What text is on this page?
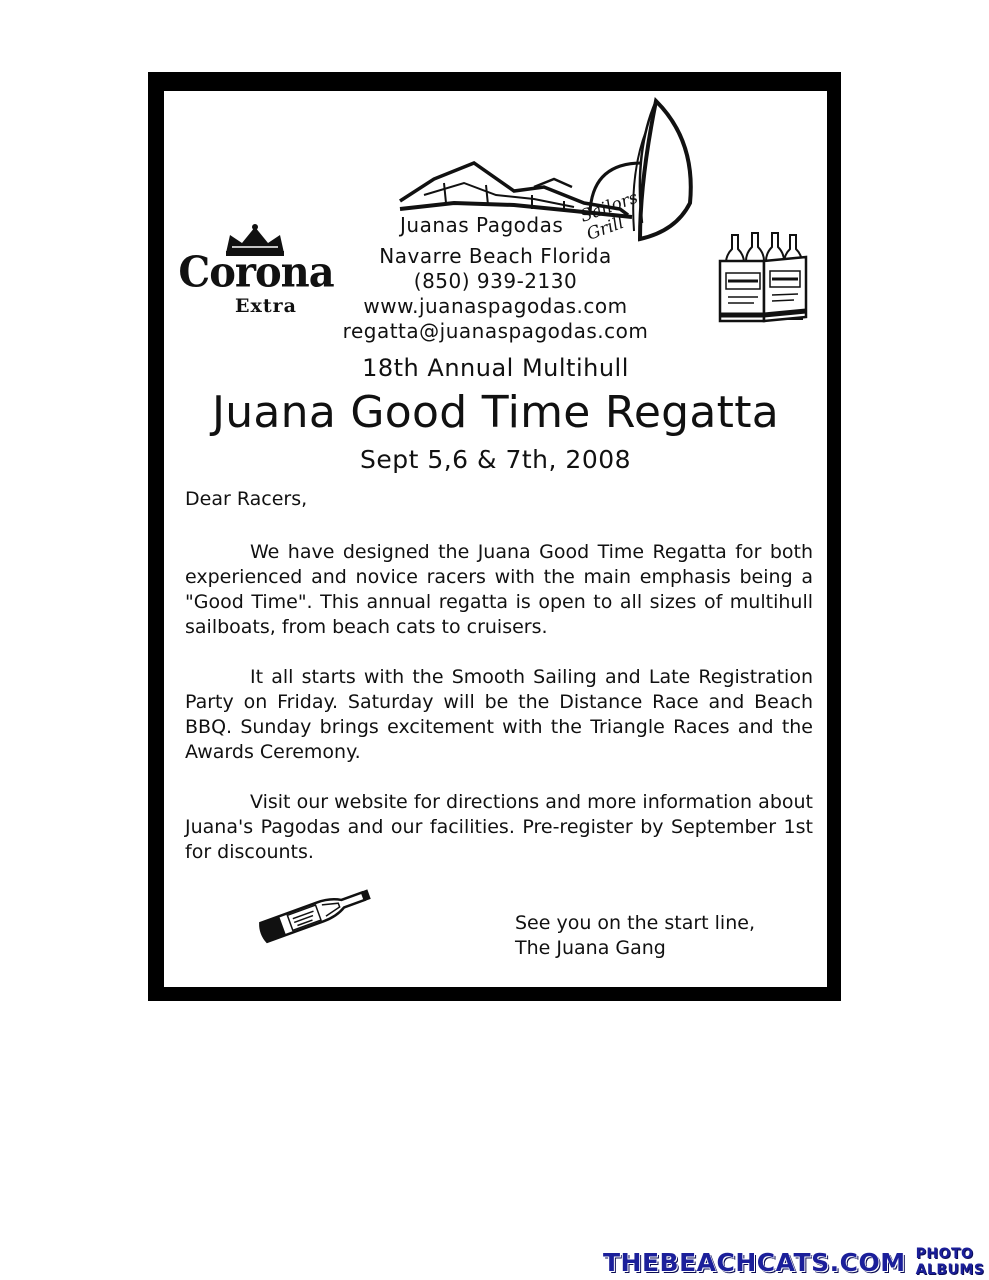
Juanas Pagodas Sailors Grill
Navarre Beach Florida
(850) 939-2130
www.juanaspagodas.com
regatta@juanaspagodas.com
Corona
Extra
18th Annual Multihull
Juana Good Time Regatta
Sept 5,6 & 7th, 2008
Dear Racers,

We have designed the Juana Good Time Regatta for both experienced and novice racers with the main emphasis being a "Good Time". This annual regatta is open to all sizes of multihull sailboats, from beach cats to cruisers.

It all starts with the Smooth Sailing and Late Registration Party on Friday. Saturday will be the Distance Race and Beach BBQ. Sunday brings excitement with the Triangle Races and the Awards Ceremony.

Visit our website for directions and more information about Juana's Pagodas and our facilities. Pre-register by September 1st for discounts.

See you on the start line,
The Juana Gang
THEBEACHCATS.COM PHOTO ALBUMS
